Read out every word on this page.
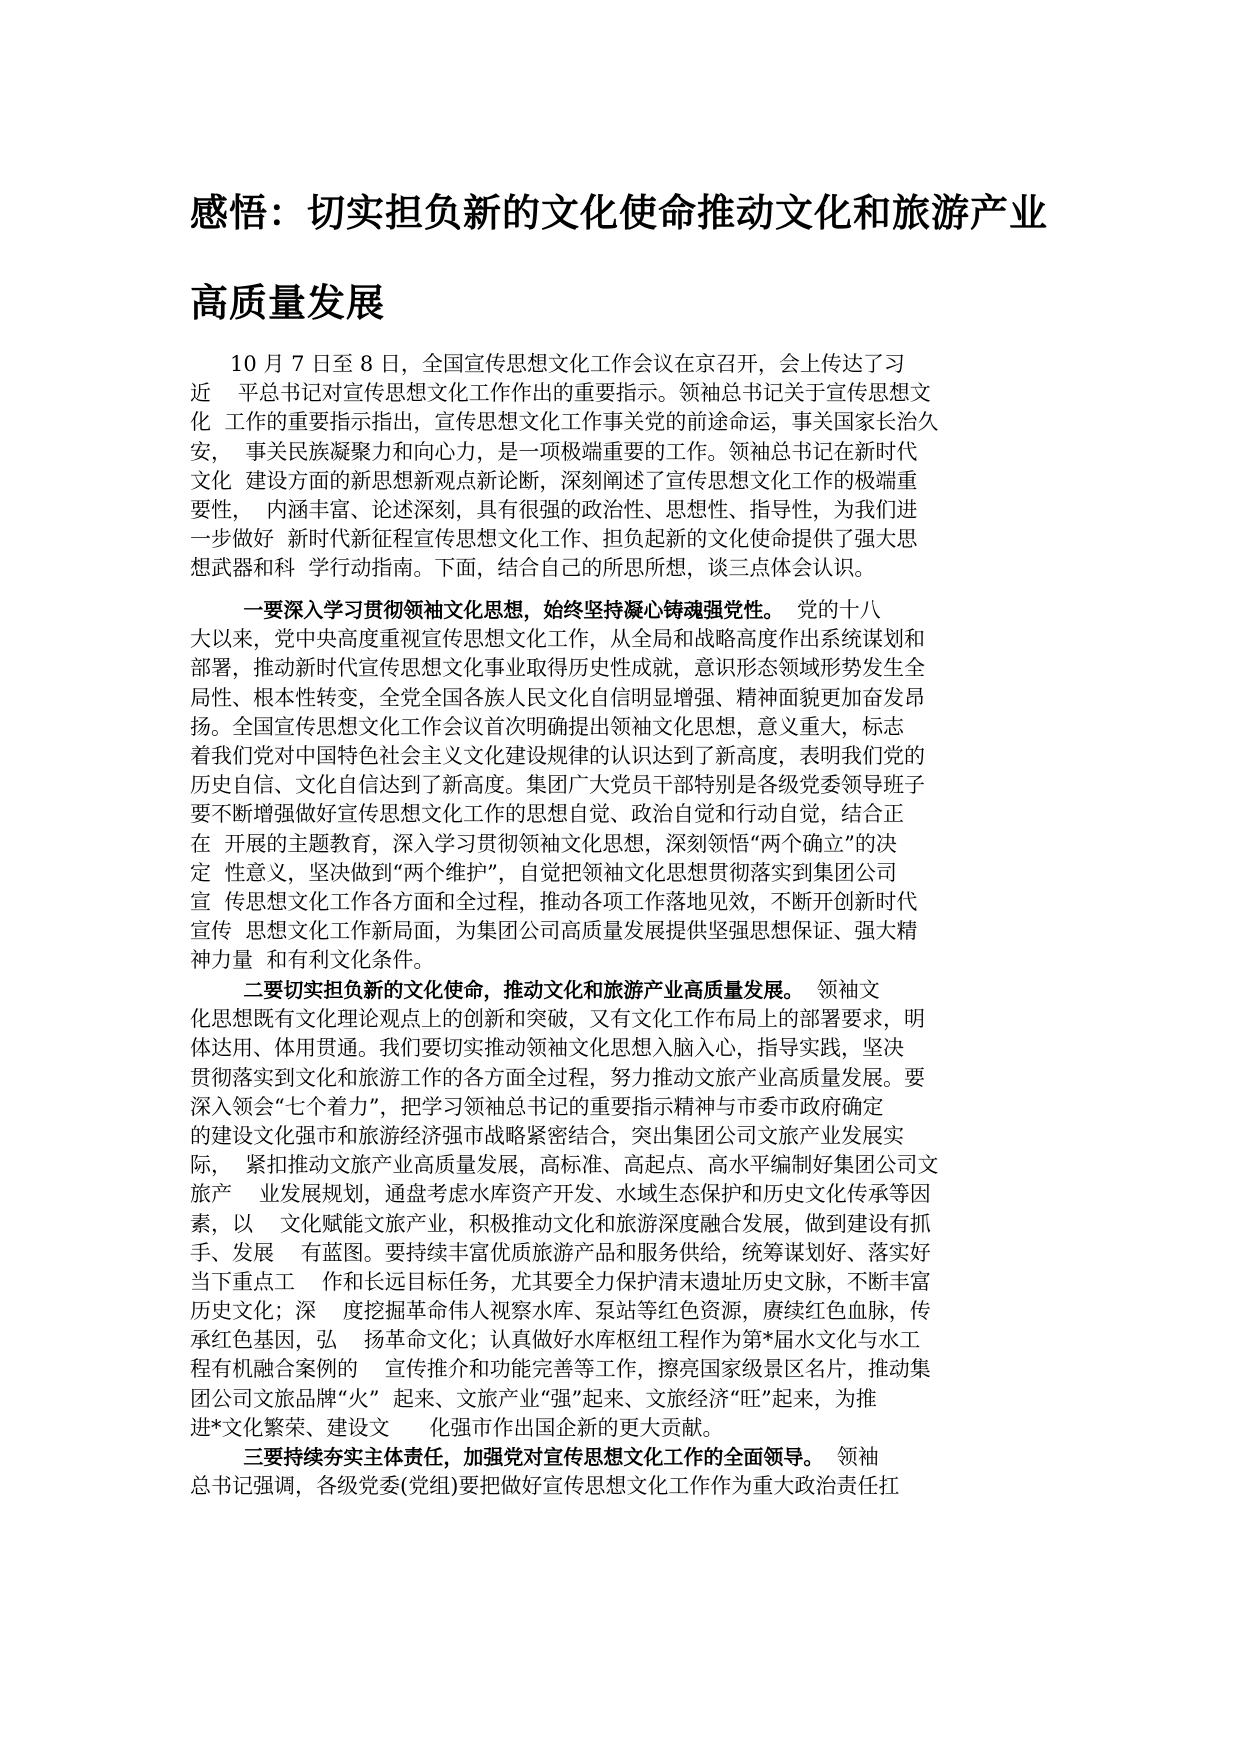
感悟：切实担负新的文化使命推动文化和旅游产业
高质量发展
10 月 7 日至 8 日，全国宣传思想文化工作会议在京召开，会上传达了习
近    平总书记对宣传思想文化工作作出的重要指示。领袖总书记关于宣传思想文
化  工作的重要指示指出，宣传思想文化工作事关党的前途命运，事关国家长治久
安，  事关民族凝聚力和向心力，是一项极端重要的工作。领袖总书记在新时代
文化  建设方面的新思想新观点新论断，深刻阐述了宣传思想文化工作的极端重
要性，  内涵丰富、论述深刻，具有很强的政治性、思想性、指导性，为我们进
一步做好  新时代新征程宣传思想文化工作、担负起新的文化使命提供了强大思
想武器和科  学行动指南。下面，结合自己的所思所想，谈三点体会认识。
一要深入学习贯彻领袖文化思想，始终坚持凝心铸魂强党性。  党的十八
大以来，党中央高度重视宣传思想文化工作，从全局和战略高度作出系统谋划和
部署，推动新时代宣传思想文化事业取得历史性成就，意识形态领域形势发生全
局性、根本性转变，全党全国各族人民文化自信明显增强、精神面貌更加奋发昂
扬。全国宣传思想文化工作会议首次明确提出领袖文化思想，意义重大，标志
着我们党对中国特色社会主义文化建设规律的认识达到了新高度，表明我们党的
历史自信、文化自信达到了新高度。集团广大党员干部特别是各级党委领导班子
要不断增强做好宣传思想文化工作的思想自觉、政治自觉和行动自觉，结合正
在  开展的主题教育，深入学习贯彻领袖文化思想，深刻领悟“两个确立”的决
定  性意义，坚决做到“两个维护”，自觉把领袖文化思想贯彻落实到集团公司
宣  传思想文化工作各方面和全过程，推动各项工作落地见效，不断开创新时代
宣传  思想文化工作新局面，为集团公司高质量发展提供坚强思想保证、强大精
神力量  和有利文化条件。
二要切实担负新的文化使命，推动文化和旅游产业高质量发展。  领袖文
化思想既有文化理论观点上的创新和突破，又有文化工作布局上的部署要求，明
体达用、体用贯通。我们要切实推动领袖文化思想入脑入心，指导实践，坚决
贯彻落实到文化和旅游工作的各方面全过程，努力推动文旅产业高质量发展。要
深入领会“七个着力”，把学习领袖总书记的重要指示精神与市委市政府确定
的建设文化强市和旅游经济强市战略紧密结合，突出集团公司文旅产业发展实
际，  紧扣推动文旅产业高质量发展，高标准、高起点、高水平编制好集团公司文
旅产    业发展规划，通盘考虑水库资产开发、水域生态保护和历史文化传承等因
素，以    文化赋能文旅产业，积极推动文化和旅游深度融合发展，做到建设有抓
手、发展    有蓝图。要持续丰富优质旅游产品和服务供给，统筹谋划好、落实好
当下重点工    作和长远目标任务，尤其要全力保护清末遗址历史文脉，不断丰富
历史文化；深    度挖掘革命伟人视察水库、泵站等红色资源，赓续红色血脉，传
承红色基因，弘    扬革命文化；认真做好水库枢纽工程作为第*届水文化与水工
程有机融合案例的    宣传推介和功能完善等工作，擦亮国家级景区名片，推动集
团公司文旅品牌“火”  起来、文旅产业“强”起来、文旅经济“旺”起来，为推
进*文化繁荣、建设文      化强市作出国企新的更大贡献。
三要持续夯实主体责任，加强党对宣传思想文化工作的全面领导。  领袖
总书记强调，各级党委(党组)要把做好宣传思想文化工作作为重大政治责任扛
